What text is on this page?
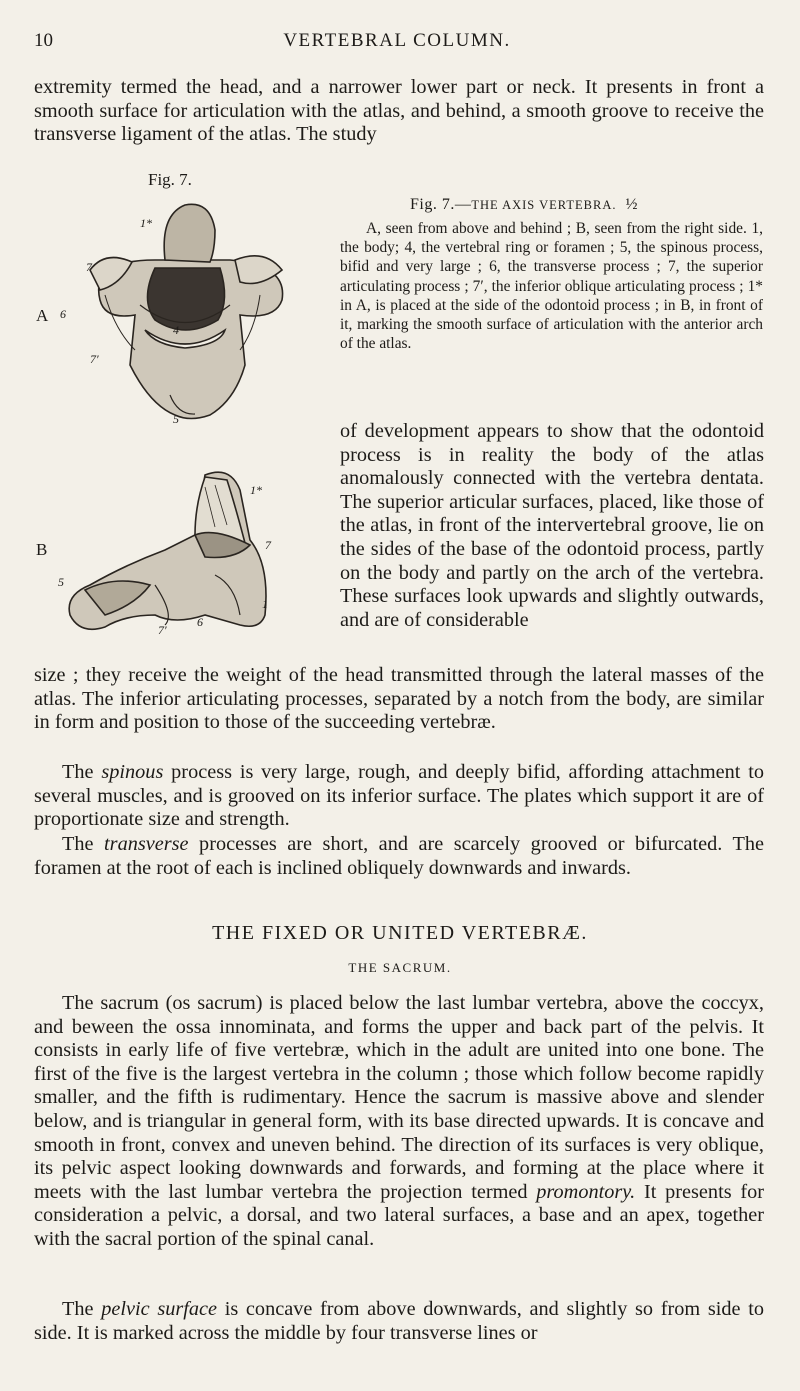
10	VERTEBRAL COLUMN.

extremity termed the head, and a narrower lower part or neck. It presents in front a smooth surface for articulation with the atlas, and behind, a smooth groove to receive the transverse ligament of the atlas. The study

Fig. 7.
1*
7
6
4
7′
5
A
1*
7
5
1
7′
6
B
Fig. 7.—THE AXIS VERTEBRA. ½

A, seen from above and behind ; B, seen from the right side. 1, the body; 4, the vertebral ring or foramen ; 5, the spinous process, bifid and very large ; 6, the transverse process ; 7, the superior articulating process ; 7′, the inferior oblique articulating process ; 1* in A, is placed at the side of the odontoid process ; in B, in front of it, marking the smooth surface of articulation with the anterior arch of the atlas.

of development appears to show that the odontoid process is in reality the body of the atlas anomalously connected with the vertebra dentata. The superior articular surfaces, placed, like those of the atlas, in front of the intervertebral groove, lie on the sides of the base of the odontoid process, partly on the body and partly on the arch of the vertebra. These surfaces look upwards and slightly outwards, and are of considerable

size ; they receive the weight of the head transmitted through the lateral masses of the atlas. The inferior articulating processes, separated by a notch from the body, are similar in form and position to those of the succeeding vertebræ.

The spinous process is very large, rough, and deeply bifid, affording attachment to several muscles, and is grooved on its inferior surface. The plates which support it are of proportionate size and strength.

The transverse processes are short, and are scarcely grooved or bifurcated. The foramen at the root of each is inclined obliquely downwards and inwards.

THE FIXED OR UNITED VERTEBRÆ.
THE SACRUM.

The sacrum (os sacrum) is placed below the last lumbar vertebra, above the coccyx, and beween the ossa innominata, and forms the upper and back part of the pelvis. It consists in early life of five vertebræ, which in the adult are united into one bone. The first of the five is the largest vertebra in the column ; those which follow become rapidly smaller, and the fifth is rudimentary. Hence the sacrum is massive above and slender below, and is triangular in general form, with its base directed upwards. It is concave and smooth in front, convex and uneven behind. The direction of its surfaces is very oblique, its pelvic aspect looking downwards and forwards, and forming at the place where it meets with the last lumbar vertebra the projection termed promontory. It presents for consideration a pelvic, a dorsal, and two lateral surfaces, a base and an apex, together with the sacral portion of the spinal canal.

The pelvic surface is concave from above downwards, and slightly so from side to side. It is marked across the middle by four transverse lines or
